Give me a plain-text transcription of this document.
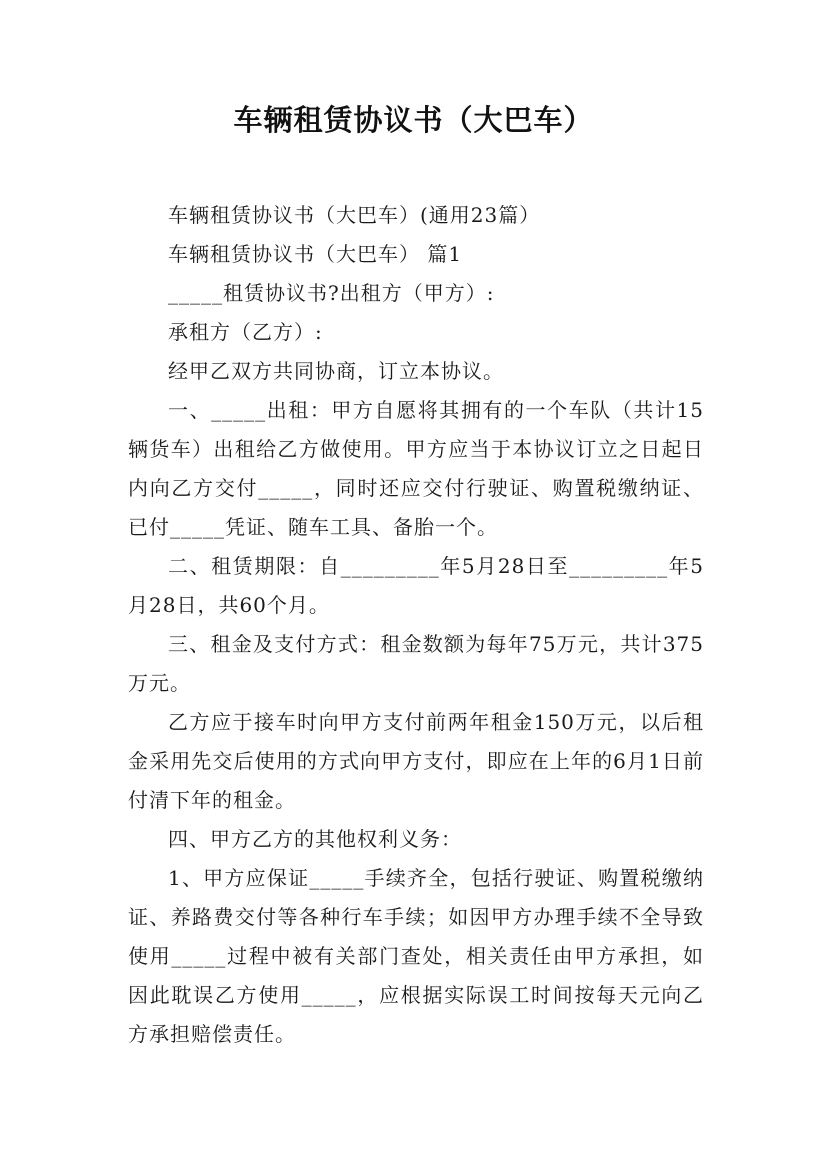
车辆租赁协议书（大巴车）

车辆租赁协议书（大巴车）(通用23篇）

车辆租赁协议书（大巴车） 篇1

_____租赁协议书?出租方（甲方）:

承租方（乙方）:

经甲乙双方共同协商，订立本协议。

一、_____出租：甲方自愿将其拥有的一个车队（共计15辆货车）出租给乙方做使用。甲方应当于本协议订立之日起日内向乙方交付_____，同时还应交付行驶证、购置税缴纳证、已付_____凭证、随车工具、备胎一个。

二、租赁期限：自_________年5月28日至_________年5月28日，共60个月。

三、租金及支付方式：租金数额为每年75万元，共计375万元。

乙方应于接车时向甲方支付前两年租金150万元，以后租金采用先交后使用的方式向甲方支付，即应在上年的6月1日前付清下年的租金。

四、甲方乙方的其他权利义务：

1、甲方应保证_____手续齐全，包括行驶证、购置税缴纳证、养路费交付等各种行车手续；如因甲方办理手续不全导致使用_____过程中被有关部门查处，相关责任由甲方承担，如因此耽误乙方使用_____，应根据实际误工时间按每天元向乙方承担赔偿责任。
